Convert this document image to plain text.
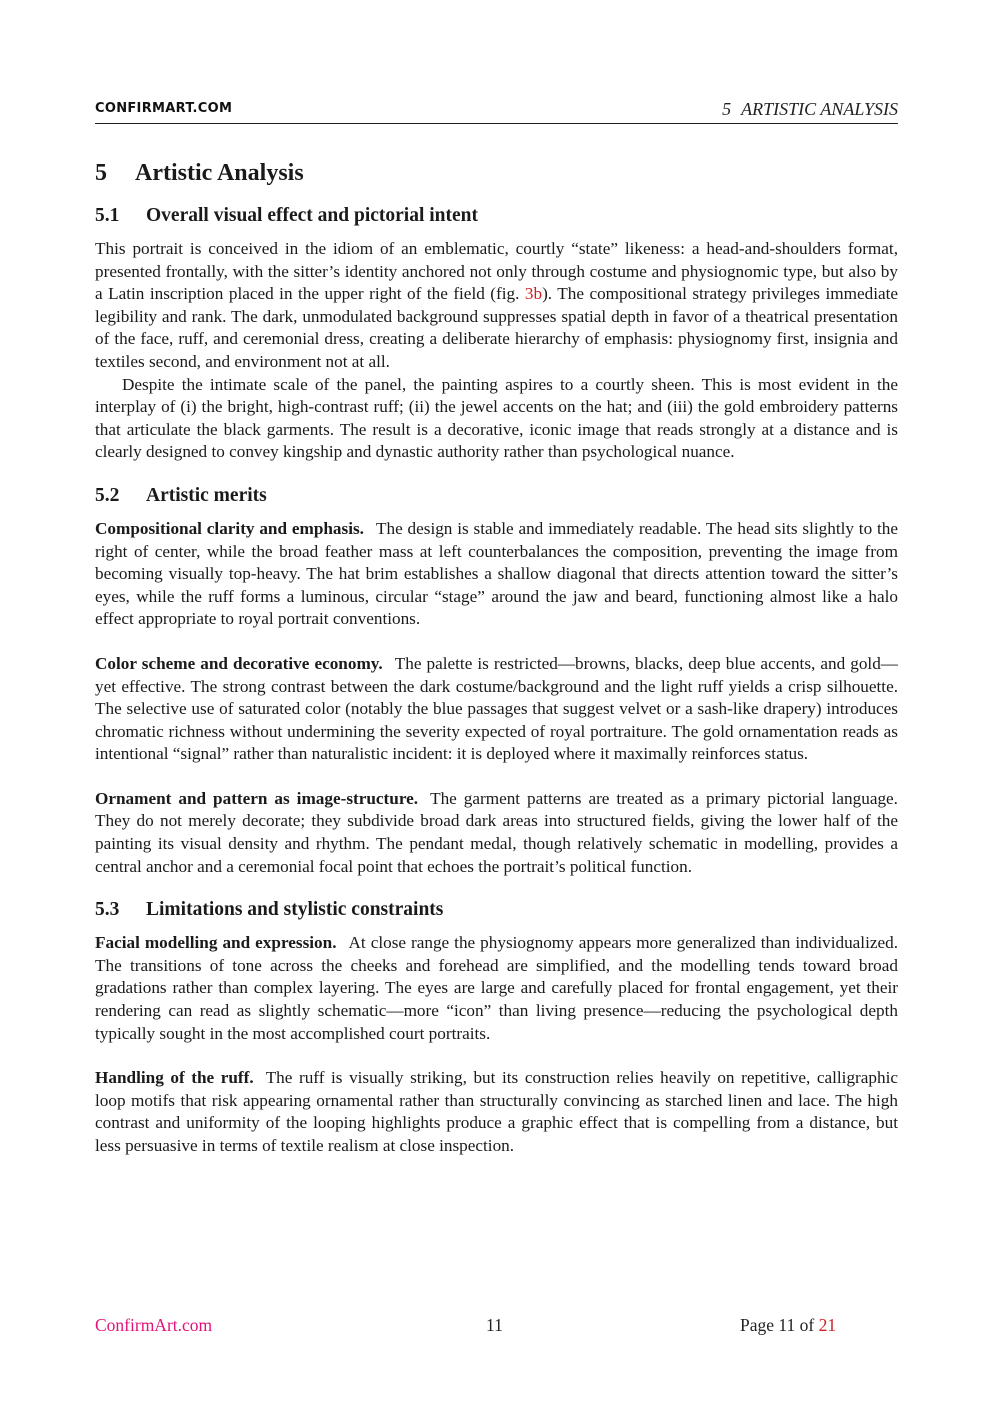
CONFIRMART.COM	5 ARTISTIC ANALYSIS
5 Artistic Analysis
5.1 Overall visual effect and pictorial intent

This portrait is conceived in the idiom of an emblematic, courtly “state” likeness: a head-and-shoulders format, presented frontally, with the sitter’s identity anchored not only through costume and physiognomic type, but also by a Latin inscription placed in the upper right of the field (fig. 3b). The compositional strategy privileges immediate legibility and rank. The dark, unmodulated background suppresses spatial depth in favor of a theatrical presentation of the face, ruff, and ceremonial dress, creating a deliberate hierarchy of emphasis: physiognomy first, insignia and textiles second, and environment not at all.

Despite the intimate scale of the panel, the painting aspires to a courtly sheen. This is most evident in the interplay of (i) the bright, high-contrast ruff; (ii) the jewel accents on the hat; and (iii) the gold embroidery patterns that articulate the black garments. The result is a decorative, iconic image that reads strongly at a distance and is clearly designed to convey kingship and dynastic authority rather than psychological nuance.

5.2 Artistic merits

Compositional clarity and emphasis. The design is stable and immediately readable. The head sits slightly to the right of center, while the broad feather mass at left counterbalances the composition, preventing the image from becoming visually top-heavy. The hat brim establishes a shallow diagonal that directs attention toward the sitter’s eyes, while the ruff forms a luminous, circular “stage” around the jaw and beard, functioning almost like a halo effect appropriate to royal portrait conventions.

Color scheme and decorative economy. The palette is restricted—browns, blacks, deep blue accents, and gold—yet effective. The strong contrast between the dark costume/background and the light ruff yields a crisp silhouette. The selective use of saturated color (notably the blue passages that suggest velvet or a sash-like drapery) introduces chromatic richness without undermining the severity expected of royal portraiture. The gold ornamentation reads as intentional “signal” rather than naturalistic incident: it is deployed where it maximally reinforces status.

Ornament and pattern as image-structure. The garment patterns are treated as a primary pictorial language. They do not merely decorate; they subdivide broad dark areas into structured fields, giving the lower half of the painting its visual density and rhythm. The pendant medal, though relatively schematic in modelling, provides a central anchor and a ceremonial focal point that echoes the portrait’s political function.

5.3 Limitations and stylistic constraints

Facial modelling and expression. At close range the physiognomy appears more generalized than individualized. The transitions of tone across the cheeks and forehead are simplified, and the modelling tends toward broad gradations rather than complex layering. The eyes are large and carefully placed for frontal engagement, yet their rendering can read as slightly schematic—more “icon” than living presence—reducing the psychological depth typically sought in the most accomplished court portraits.

Handling of the ruff. The ruff is visually striking, but its construction relies heavily on repetitive, calligraphic loop motifs that risk appearing ornamental rather than structurally convincing as starched linen and lace. The high contrast and uniformity of the looping highlights produce a graphic effect that is compelling from a distance, but less persuasive in terms of textile realism at close inspection.

ConfirmArt.com	11	Page 11 of 21
